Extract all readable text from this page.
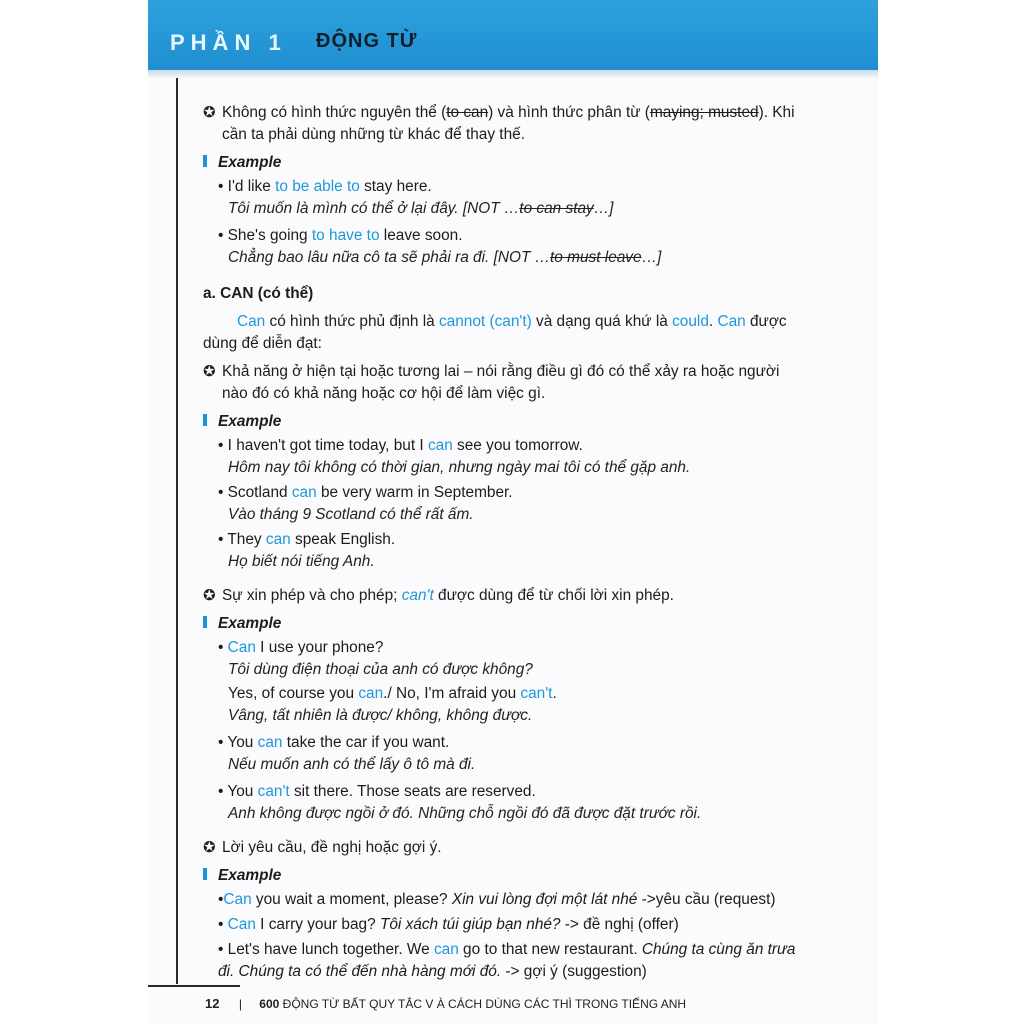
PHẦN 1 ĐỘNG TỪ
✪ Không có hình thức nguyên thể (to can) và hình thức phân từ (maying; musted). Khi cần ta phải dùng những từ khác để thay thế.
Example
• I'd like to be able to stay here.
Tôi muốn là mình có thể ở lại đây. [NOT …to can stay…]
• She's going to have to leave soon.
Chẳng bao lâu nữa cô ta sẽ phải ra đi. [NOT …to must leave…]
a. CAN (có thể)
Can có hình thức phủ định là cannot (can't) và dạng quá khứ là could. Can được dùng để diễn đạt:
✪ Khả năng ở hiện tại hoặc tương lai – nói rằng điều gì đó có thể xảy ra hoặc người nào đó có khả năng hoặc cơ hội để làm việc gì.
Example
• I haven't got time today, but I can see you tomorrow.
Hôm nay tôi không có thời gian, nhưng ngày mai tôi có thể gặp anh.
• Scotland can be very warm in September.
Vào tháng 9 Scotland có thể rất ấm.
• They can speak English.
Họ biết nói tiếng Anh.
✪ Sự xin phép và cho phép; can't được dùng để từ chối lời xin phép.
Example
• Can I use your phone?
Tôi dùng điện thoại của anh có được không?
Yes, of course you can./ No, I'm afraid you can't.
Vâng, tất nhiên là được/ không, không được.
• You can take the car if you want.
Nếu muốn anh có thể lấy ô tô mà đi.
• You can't sit there. Those seats are reserved.
Anh không được ngồi ở đó. Những chỗ ngồi đó đã được đặt trước rồi.
✪ Lời yêu cầu, đề nghị hoặc gợi ý.
Example
•Can you wait a moment, please? Xin vui lòng đợi một lát nhé ->yêu cầu (request)
• Can I carry your bag? Tôi xách túi giúp bạn nhé? -> đề nghị (offer)
• Let's have lunch together. We can go to that new restaurant. Chúng ta cùng ăn trưa đi. Chúng ta có thể đến nhà hàng mới đó. -> gợi ý (suggestion)
12 | 600 ĐỘNG TỪ BẤT QUY TẮC V À CÁCH DÙNG CÁC THÌ TRONG TIẾNG ANH
